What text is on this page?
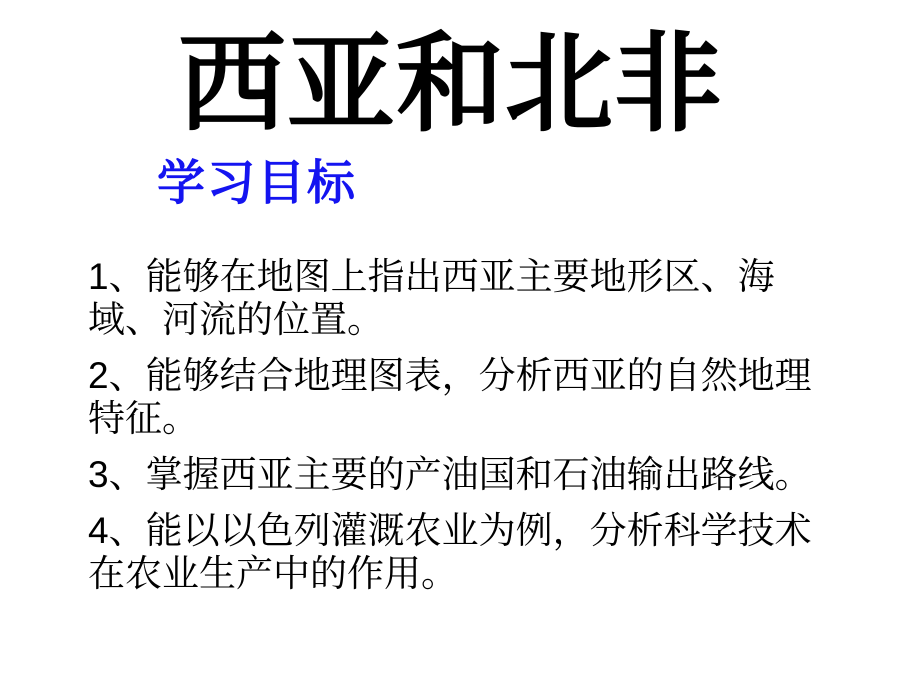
西亚和北非
学习目标

1、能够在地图上指出西亚主要地形区、海域、河流的位置。

2、能够结合地理图表，分析西亚的自然地理特征。

3、掌握西亚主要的产油国和石油输出路线。

4、能以以色列灌溉农业为例，分析科学技术在农业生产中的作用。
